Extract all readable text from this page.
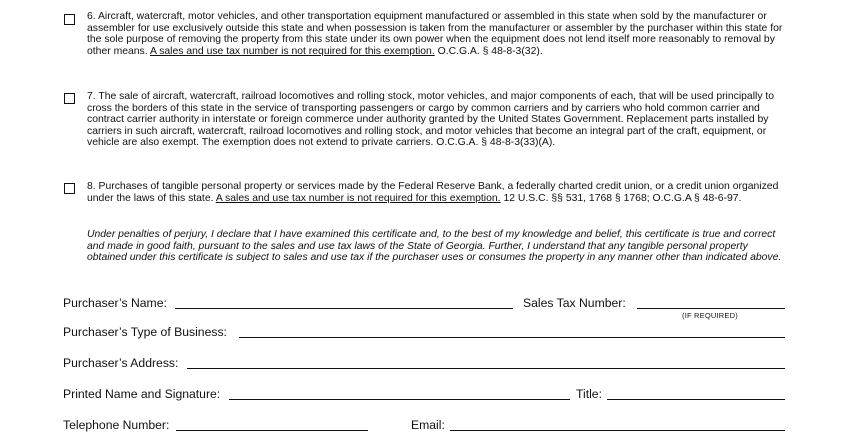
6. Aircraft, watercraft, motor vehicles, and other transportation equipment manufactured or assembled in this state when sold by the manufacturer or assembler for use exclusively outside this state and when possession is taken from the manufacturer or assembler by the purchaser within this state for the sole purpose of removing the property from this state under its own power when the equipment does not lend itself more reasonably to removal by other means. A sales and use tax number is not required for this exemption. O.C.G.A. § 48-8-3(32).

7. The sale of aircraft, watercraft, railroad locomotives and rolling stock, motor vehicles, and major components of each, that will be used principally to cross the borders of this state in the service of transporting passengers or cargo by common carriers and by carriers who hold common carrier and contract carrier authority in interstate or foreign commerce under authority granted by the United States Government. Replacement parts installed by carriers in such aircraft, watercraft, railroad locomotives and rolling stock, and motor vehicles that become an integral part of the craft, equipment, or vehicle are also exempt. The exemption does not extend to private carriers. O.C.G.A. § 48-8-3(33)(A).

8. Purchases of tangible personal property or services made by the Federal Reserve Bank, a federally charted credit union, or a credit union organized under the laws of this state. A sales and use tax number is not required for this exemption. 12 U.S.C. §§ 531, 1768 § 1768; O.C.G.A § 48-6-97.

Under penalties of perjury, I declare that I have examined this certificate and, to the best of my knowledge and belief, this certificate is true and correct and made in good faith, pursuant to the sales and use tax laws of the State of Georgia. Further, I understand that any tangible personal property obtained under this certificate is subject to sales and use tax if the purchaser uses or consumes the property in any manner other than indicated above.

Purchaser’s Name:	Sales Tax Number:
(IF REQUIRED)
Purchaser’s Type of Business:
Purchaser’s Address:
Printed Name and Signature:	Title:
Telephone Number:	Email:
